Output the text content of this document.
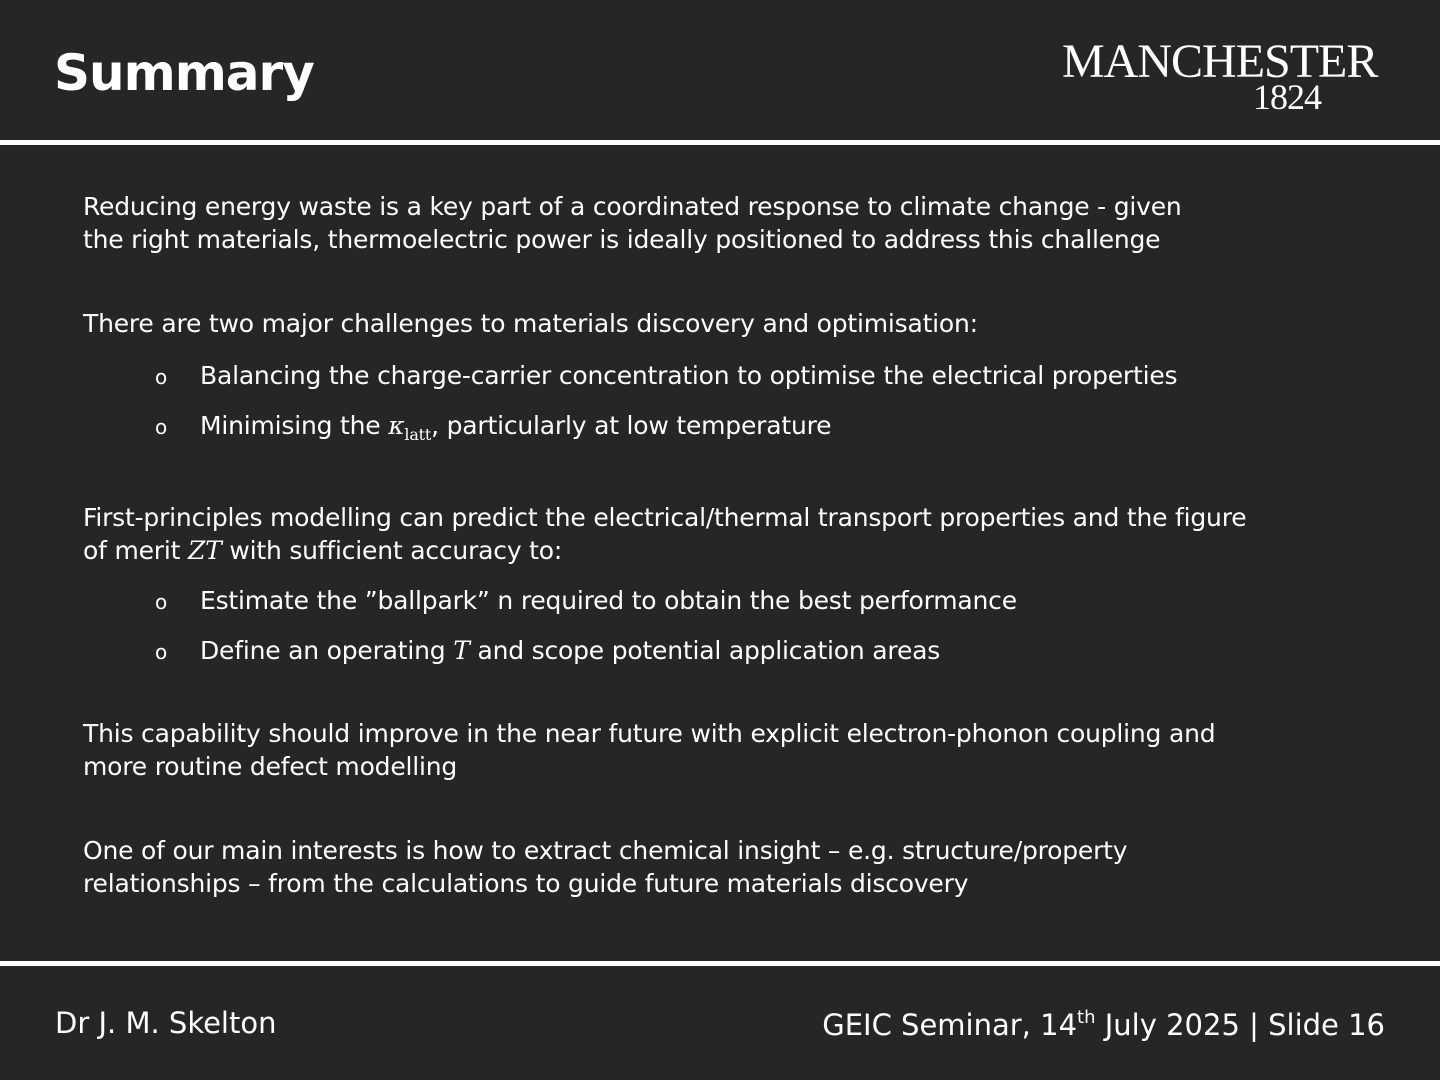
Summary	MANCHESTER
1824

Reducing energy waste is a key part of a coordinated response to climate change - given
the right materials, thermoelectric power is ideally positioned to address this challenge

There are two major challenges to materials discovery and optimisation:

o Balancing the charge-carrier concentration to optimise the electrical properties
o Minimising the $\kappa_{latt}$, particularly at low temperature

First-principles modelling can predict the electrical/thermal transport properties and the figure
of merit ZT with sufficient accuracy to:

o Estimate the ”ballpark” n required to obtain the best performance
o Define an operating T and scope potential application areas

This capability should improve in the near future with explicit electron-phonon coupling and
more routine defect modelling

One of our main interests is how to extract chemical insight – e.g. structure/property
relationships – from the calculations to guide future materials discovery

Dr J. M. Skelton	GEIC Seminar, 14th July 2025 | Slide 16
